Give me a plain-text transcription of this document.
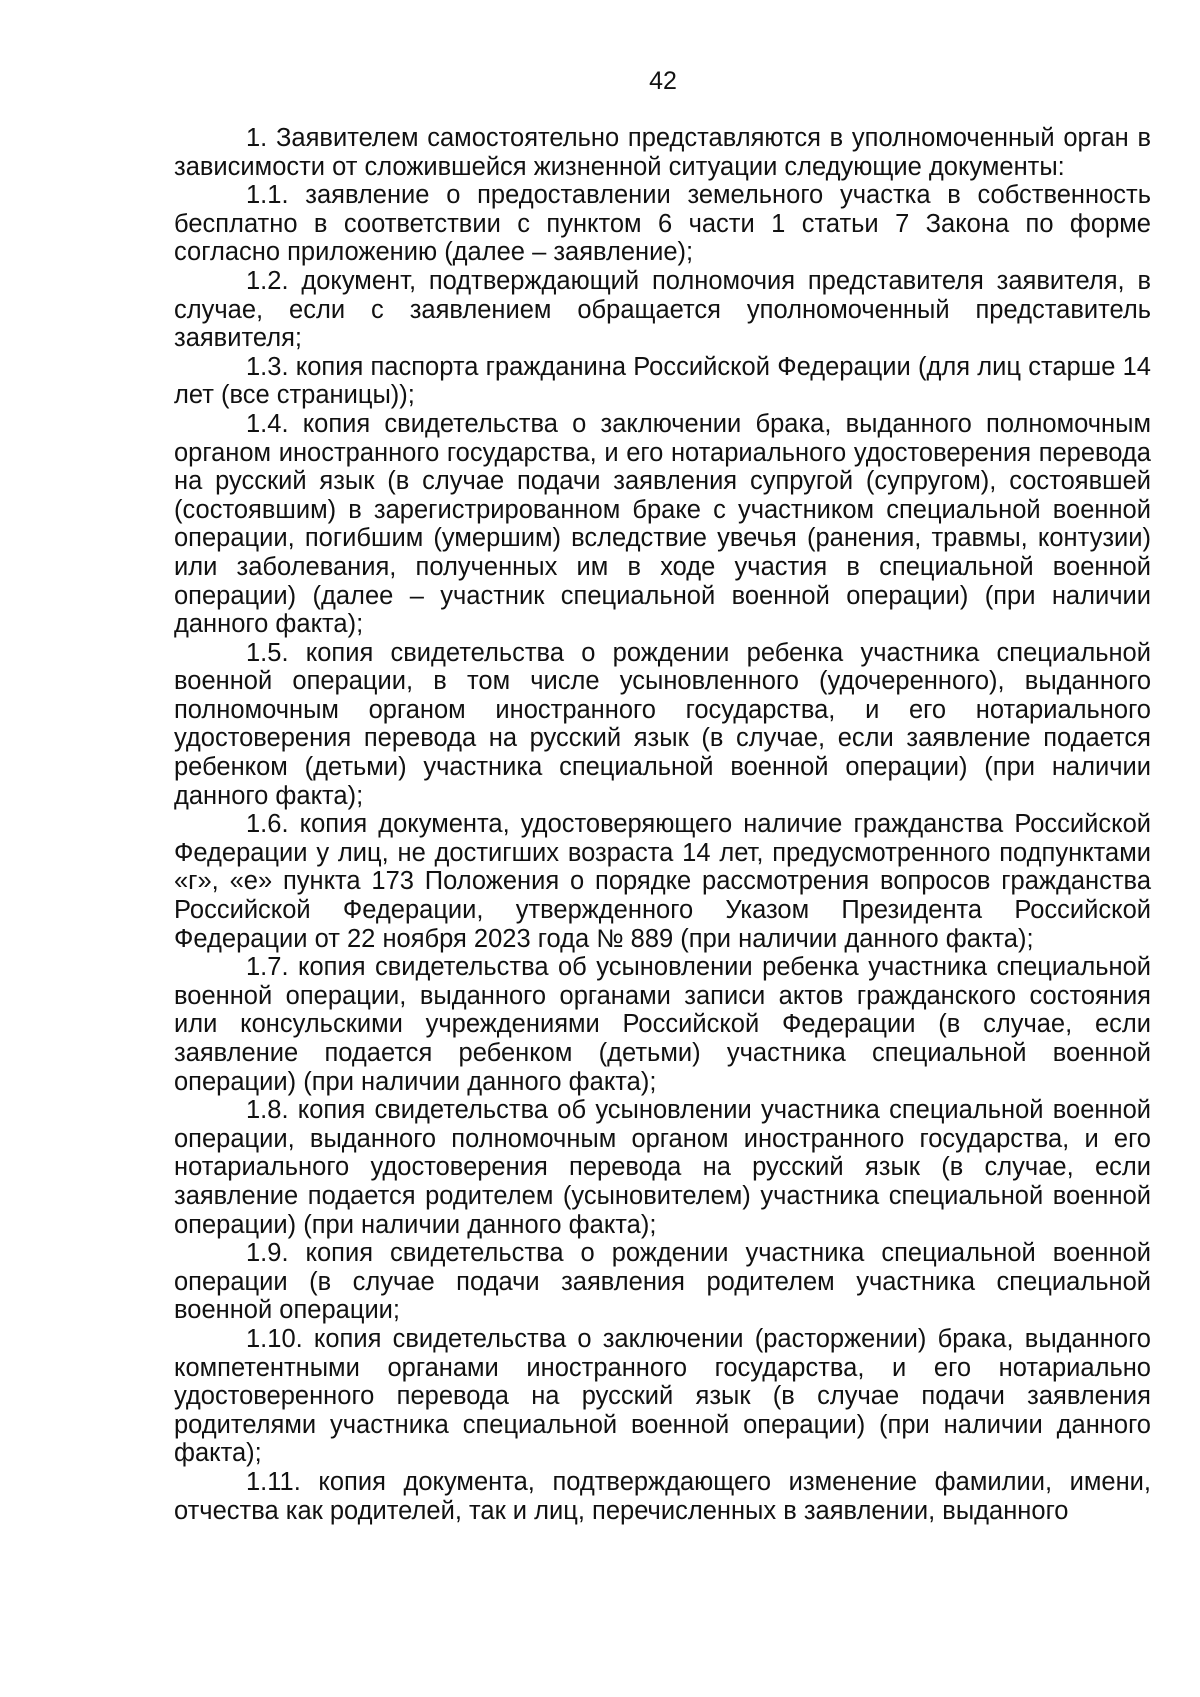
42

1. Заявителем самостоятельно представляются в уполномоченный орган в зависимости от сложившейся жизненной ситуации следующие документы:

1.1. заявление о предоставлении земельного участка в собственность бесплатно в соответствии с пунктом 6 части 1 статьи 7 Закона по форме согласно приложению (далее – заявление);

1.2. документ, подтверждающий полномочия представителя заявителя, в случае, если с заявлением обращается уполномоченный представитель заявителя;

1.3. копия паспорта гражданина Российской Федерации (для лиц старше 14 лет (все страницы));

1.4. копия свидетельства о заключении брака, выданного полномочным органом иностранного государства, и его нотариального удостоверения перевода на русский язык (в случае подачи заявления супругой (супругом), состоявшей (состоявшим) в зарегистрированном браке с участником специальной военной операции, погибшим (умершим) вследствие увечья (ранения, травмы, контузии) или заболевания, полученных им в ходе участия в специальной военной операции) (далее – участник специальной военной операции) (при наличии данного факта);

1.5. копия свидетельства о рождении ребенка участника специальной военной операции, в том числе усыновленного (удочеренного), выданного полномочным органом иностранного государства, и его нотариального удостоверения перевода на русский язык (в случае, если заявление подается ребенком (детьми) участника специальной военной операции) (при наличии данного факта);

1.6. копия документа, удостоверяющего наличие гражданства Российской Федерации у лиц, не достигших возраста 14 лет, предусмотренного подпунктами «г», «е» пункта 173 Положения о порядке рассмотрения вопросов гражданства Российской Федерации, утвержденного Указом Президента Российской Федерации от 22 ноября 2023 года № 889 (при наличии данного факта);

1.7. копия свидетельства об усыновлении ребенка участника специальной военной операции, выданного органами записи актов гражданского состояния или консульскими учреждениями Российской Федерации (в случае, если заявление подается ребенком (детьми) участника специальной военной операции) (при наличии данного факта);

1.8. копия свидетельства об усыновлении участника специальной военной операции, выданного полномочным органом иностранного государства, и его нотариального удостоверения перевода на русский язык (в случае, если заявление подается родителем (усыновителем) участника специальной военной операции) (при наличии данного факта);

1.9. копия свидетельства о рождении участника специальной военной операции (в случае подачи заявления родителем участника специальной военной операции;

1.10. копия свидетельства о заключении (расторжении) брака, выданного компетентными органами иностранного государства, и его нотариально удостоверенного перевода на русский язык (в случае подачи заявления родителями участника специальной военной операции) (при наличии данного факта);

1.11. копия документа, подтверждающего изменение фамилии, имени, отчества как родителей, так и лиц, перечисленных в заявлении, выданного
